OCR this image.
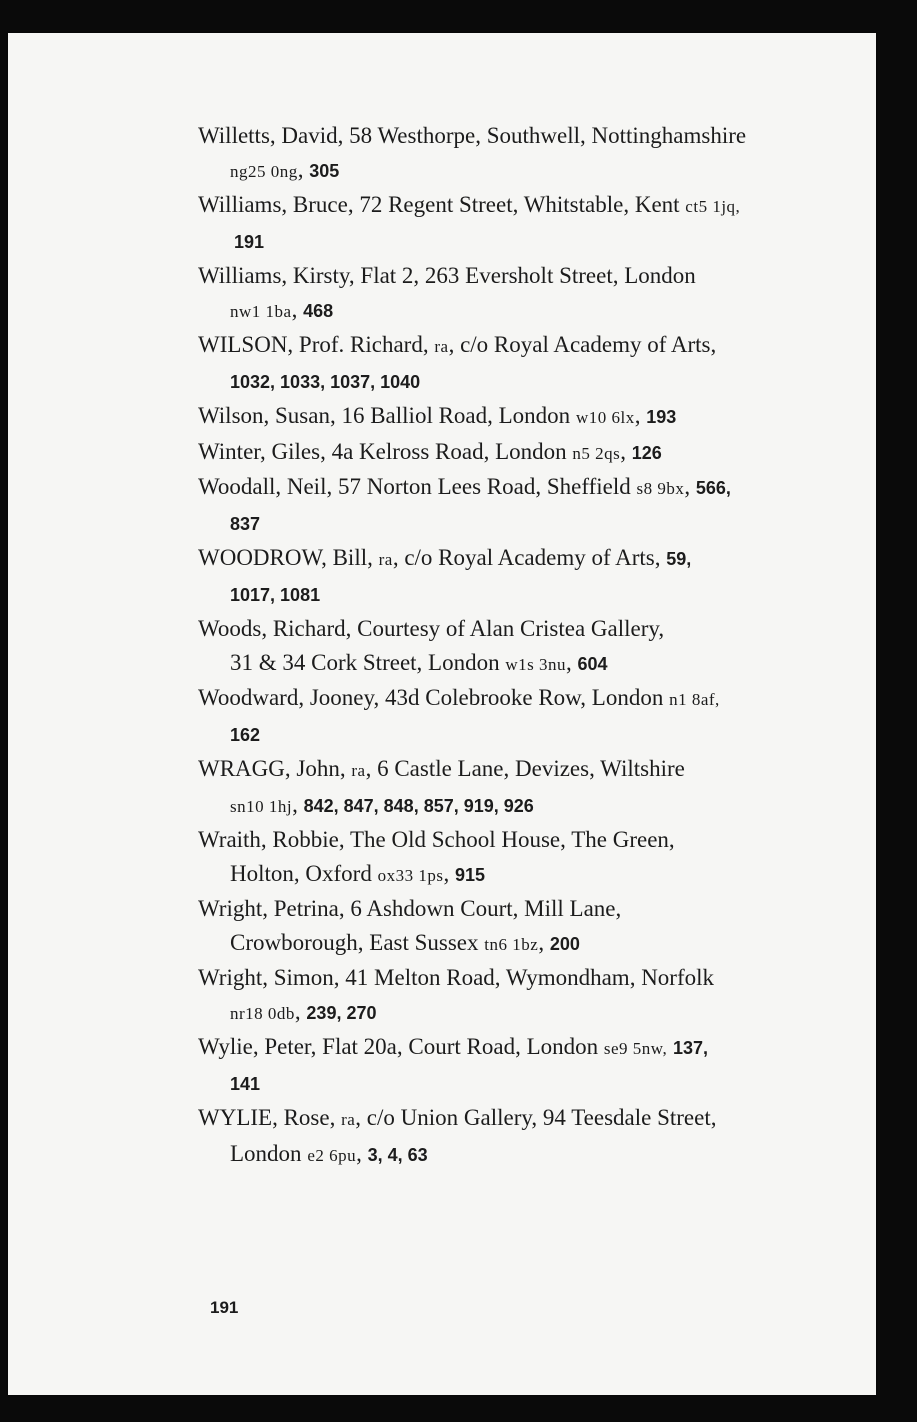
Willetts, David, 58 Westhorpe, Southwell, Nottinghamshire
ng25 0ng, 305

Williams, Bruce, 72 Regent Street, Whitstable, Kent ct5 1jq,
191

Williams, Kirsty, Flat 2, 263 Eversholt Street, London
nw1 1ba, 468

WILSON, Prof. Richard, ra, c/o Royal Academy of Arts,
1032, 1033, 1037, 1040

Wilson, Susan, 16 Balliol Road, London w10 6lx, 193

Winter, Giles, 4a Kelross Road, London n5 2qs, 126

Woodall, Neil, 57 Norton Lees Road, Sheffield s8 9bx, 566,
837

WOODROW, Bill, ra, c/o Royal Academy of Arts, 59,
1017, 1081

Woods, Richard, Courtesy of Alan Cristea Gallery,
31 & 34 Cork Street, London w1s 3nu, 604

Woodward, Jooney, 43d Colebrooke Row, London n1 8af,
162

WRAGG, John, ra, 6 Castle Lane, Devizes, Wiltshire
sn10 1hj, 842, 847, 848, 857, 919, 926

Wraith, Robbie, The Old School House, The Green,
Holton, Oxford ox33 1ps, 915

Wright, Petrina, 6 Ashdown Court, Mill Lane,
Crowborough, East Sussex tn6 1bz, 200

Wright, Simon, 41 Melton Road, Wymondham, Norfolk
nr18 0db, 239, 270

Wylie, Peter, Flat 20a, Court Road, London se9 5nw, 137,
141

WYLIE, Rose, ra, c/o Union Gallery, 94 Teesdale Street,
London e2 6pu, 3, 4, 63

191
